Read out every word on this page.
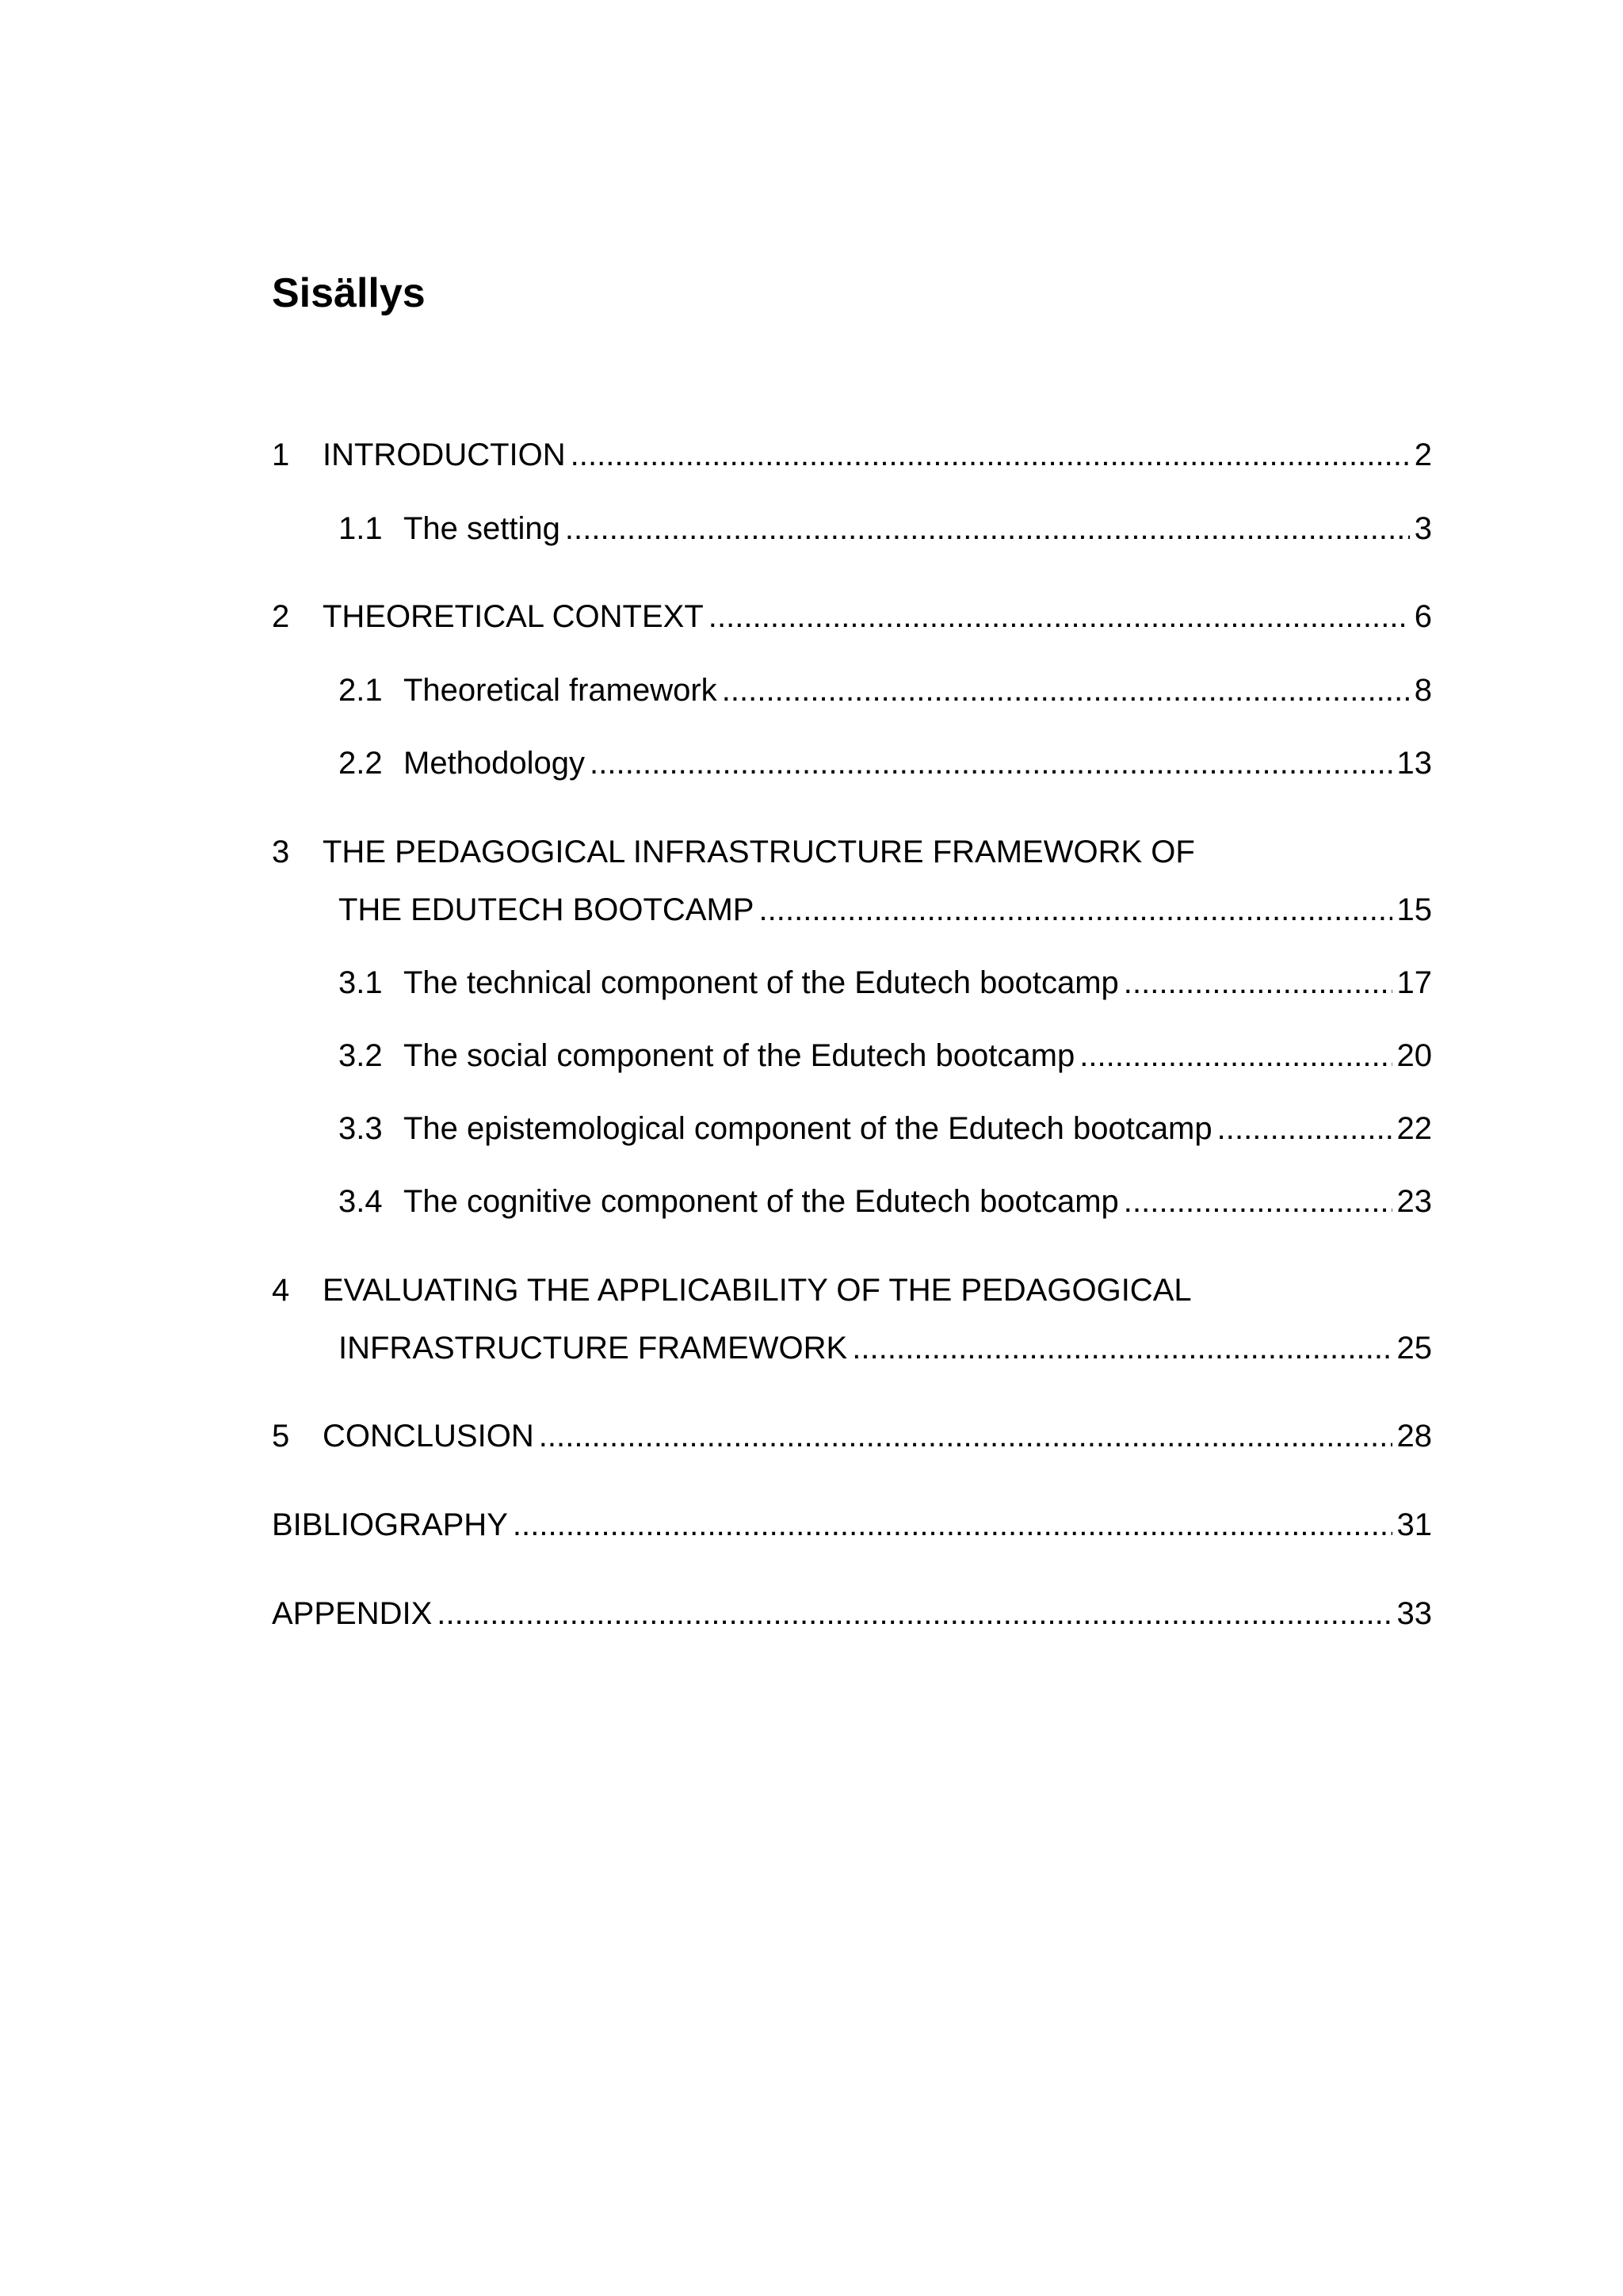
Sisällys
1	INTRODUCTION .....	2
1.1 The setting .....	3
2	THEORETICAL CONTEXT .....	6
2.1 Theoretical framework .....	8
2.2 Methodology .....	13
3 THE PEDAGOGICAL INFRASTRUCTURE FRAMEWORK OF
THE EDUTECH BOOTCAMP .....	15
3.1 The technical component of the Edutech bootcamp .....	17
3.2 The social component of the Edutech bootcamp .....	20
3.3 The epistemological component of the Edutech bootcamp .....	22
3.4 The cognitive component of the Edutech bootcamp .....	23
4 EVALUATING THE APPLICABILITY OF THE PEDAGOGICAL
INFRASTRUCTURE FRAMEWORK .....	25
5	CONCLUSION .....	28
BIBLIOGRAPHY .....	31
APPENDIX .....	33
